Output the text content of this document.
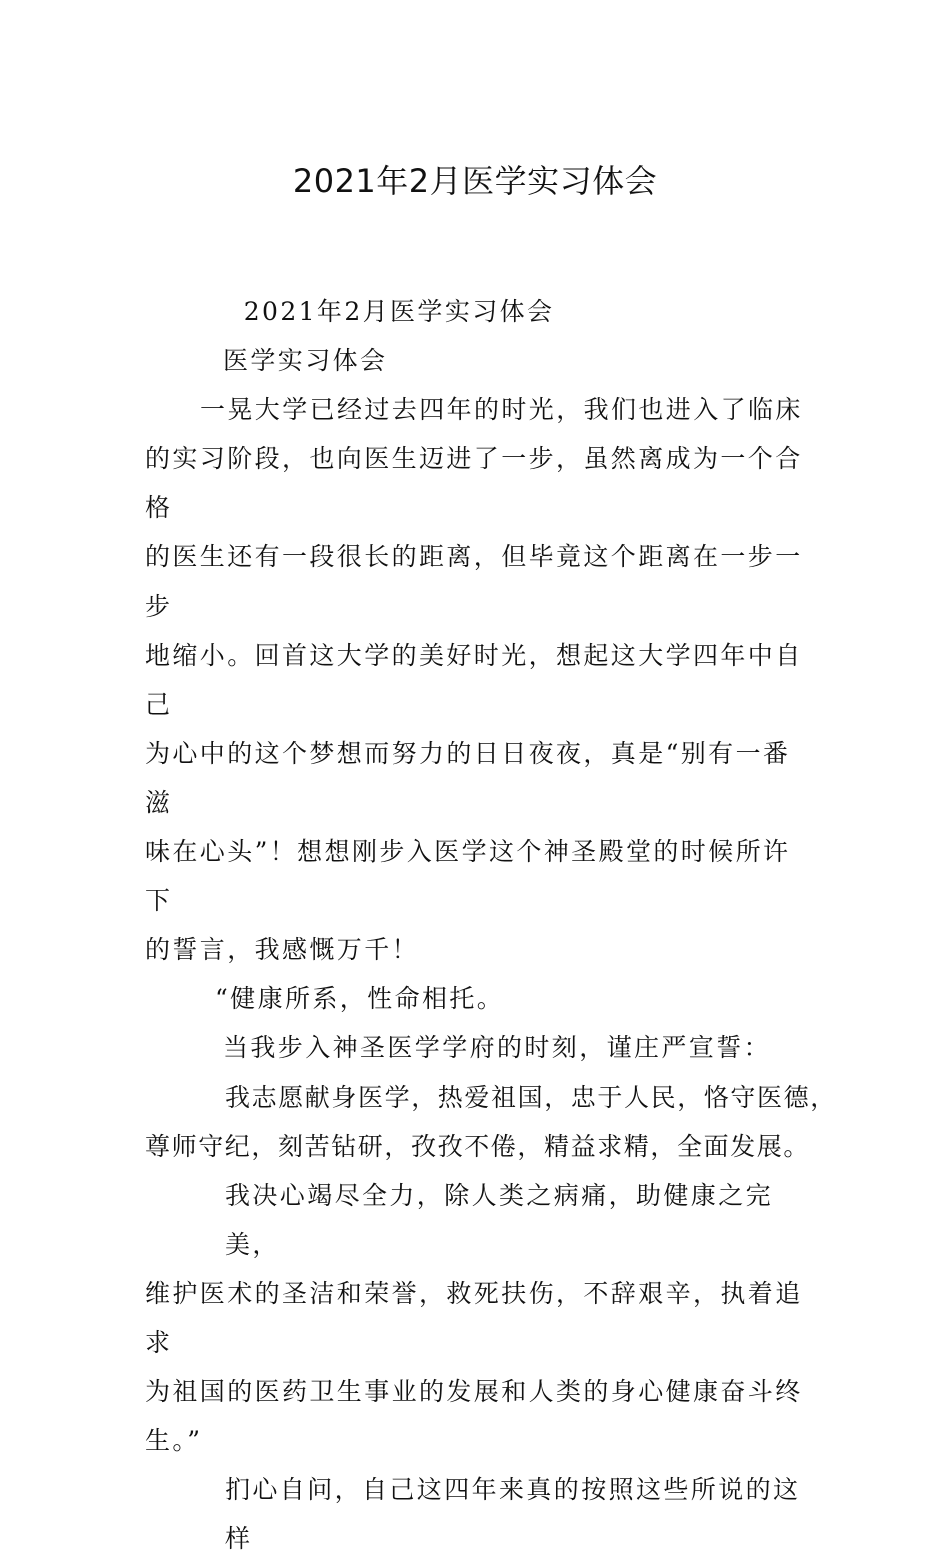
2021年2月医学实习体会

2021年2月医学实习体会

医学实习体会

一晃大学已经过去四年的时光，我们也进入了临床

的实习阶段，也向医生迈进了一步，虽然离成为一个合格

的医生还有一段很长的距离，但毕竟这个距离在一步一步

地缩小。回首这大学的美好时光，想起这大学四年中自己

为心中的这个梦想而努力的日日夜夜，真是“别有一番滋

味在心头”！想想刚步入医学这个神圣殿堂的时候所许下

的誓言，我感慨万千！

“健康所系，性命相托。

当我步入神圣医学学府的时刻，谨庄严宣誓：

我志愿献身医学，热爱祖国，忠于人民，恪守医德，

尊师守纪，刻苦钻研，孜孜不倦，精益求精，全面发展。

我决心竭尽全力，除人类之病痛，助健康之完美，

维护医术的圣洁和荣誉，救死扶伤，不辞艰辛，执着追求

为祖国的医药卫生事业的发展和人类的身心健康奋斗终

生。”

扪心自问，自己这四年来真的按照这些所说的这样
